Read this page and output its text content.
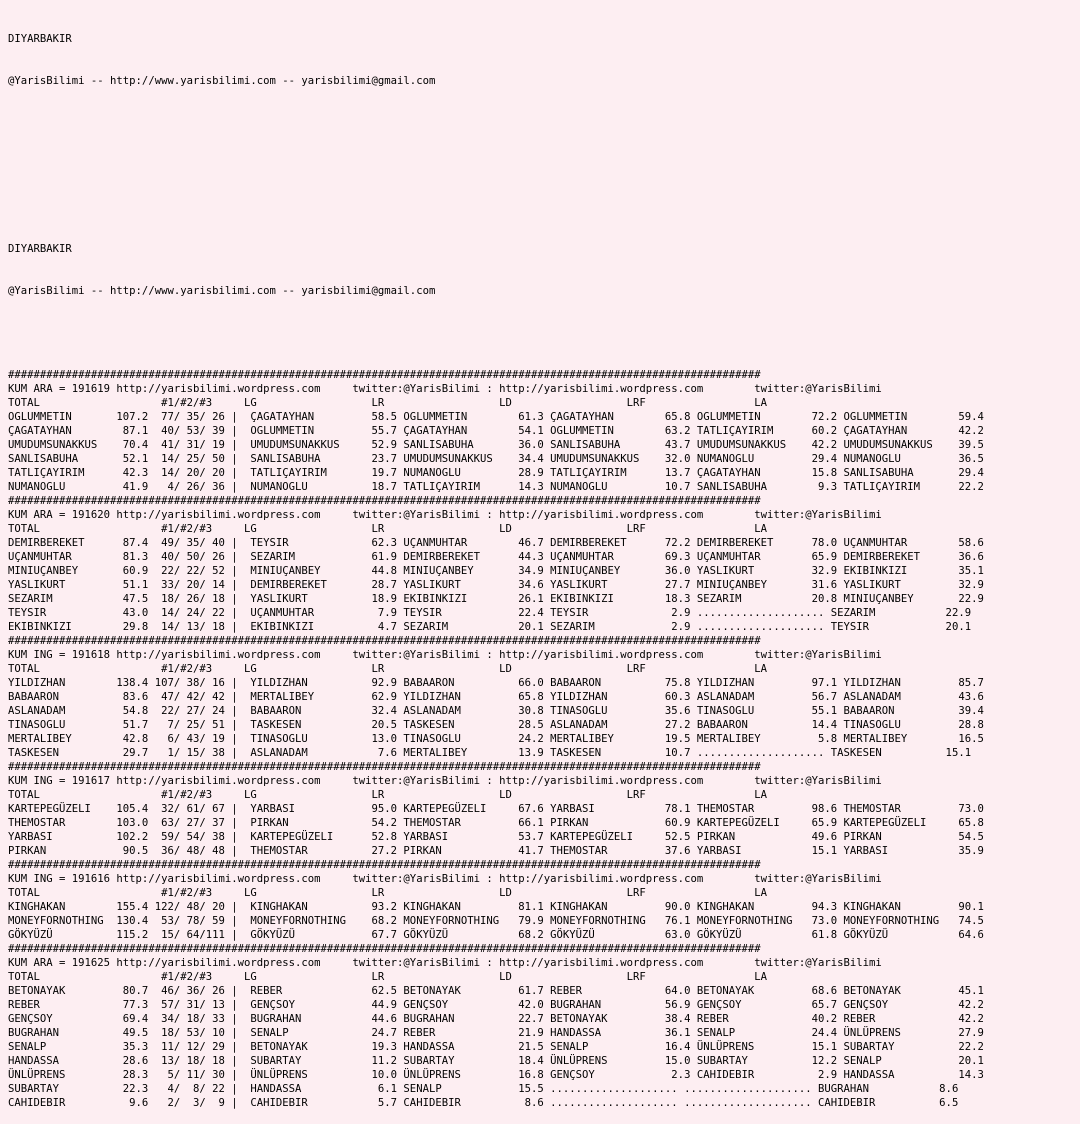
DIYARBAKIR

@YarisBilimi -- http://www.yarisbilimi.com -- yarisbilimi@gmail.com

DIYARBAKIR

@YarisBilimi -- http://www.yarisbilimi.com -- yarisbilimi@gmail.com

######################################################################################################################
KUM ARA = 191619 http://yarisbilimi.wordpress.com     twitter:@YarisBilimi : http://yarisbilimi.wordpress.com        twitter:@YarisBilimi
TOTAL                   #1/#2/#3     LG                  LR                  LD                  LRF                 LA
OGLUMMETIN       107.2  77/ 35/ 26 |  ÇAGATAYHAN         58.5 OGLUMMETIN        61.3 ÇAGATAYHAN        65.8 OGLUMMETIN        72.2 OGLUMMETIN        59.4
ÇAGATAYHAN        87.1  40/ 53/ 39 |  OGLUMMETIN         55.7 ÇAGATAYHAN        54.1 OGLUMMETIN        63.2 TATLIÇAYIRIM      60.2 ÇAGATAYHAN        42.2
UMUDUMSUNAKKUS    70.4  41/ 31/ 19 |  UMUDUMSUNAKKUS     52.9 SANLISABUHA       36.0 SANLISABUHA       43.7 UMUDUMSUNAKKUS    42.2 UMUDUMSUNAKKUS    39.5
SANLISABUHA       52.1  14/ 25/ 50 |  SANLISABUHA        23.7 UMUDUMSUNAKKUS    34.4 UMUDUMSUNAKKUS    32.0 NUMANOGLU         29.4 NUMANOGLU         36.5
TATLIÇAYIRIM      42.3  14/ 20/ 20 |  TATLIÇAYIRIM       19.7 NUMANOGLU         28.9 TATLIÇAYIRIM      13.7 ÇAGATAYHAN        15.8 SANLISABUHA       29.4
NUMANOGLU         41.9   4/ 26/ 36 |  NUMANOGLU          18.7 TATLIÇAYIRIM      14.3 NUMANOGLU         10.7 SANLISABUHA        9.3 TATLIÇAYIRIM      22.2
######################################################################################################################
KUM ARA = 191620 http://yarisbilimi.wordpress.com     twitter:@YarisBilimi : http://yarisbilimi.wordpress.com        twitter:@YarisBilimi
TOTAL                   #1/#2/#3     LG                  LR                  LD                  LRF                 LA
DEMIRBEREKET      87.4  49/ 35/ 40 |  TEYSIR             62.3 UÇANMUHTAR        46.7 DEMIRBEREKET      72.2 DEMIRBEREKET      78.0 UÇANMUHTAR        58.6
UÇANMUHTAR        81.3  40/ 50/ 26 |  SEZARIM            61.9 DEMIRBEREKET      44.3 UÇANMUHTAR        69.3 UÇANMUHTAR        65.9 DEMIRBEREKET      36.6
MINIUÇANBEY       60.9  22/ 22/ 52 |  MINIUÇANBEY        44.8 MINIUÇANBEY       34.9 MINIUÇANBEY       36.0 YASLIKURT         32.9 EKIBINKIZI        35.1
YASLIKURT         51.1  33/ 20/ 14 |  DEMIRBEREKET       28.7 YASLIKURT         34.6 YASLIKURT         27.7 MINIUÇANBEY       31.6 YASLIKURT         32.9
SEZARIM           47.5  18/ 26/ 18 |  YASLIKURT          18.9 EKIBINKIZI        26.1 EKIBINKIZI        18.3 SEZARIM           20.8 MINIUÇANBEY       22.9
TEYSIR            43.0  14/ 24/ 22 |  UÇANMUHTAR          7.9 TEYSIR            22.4 TEYSIR             2.9 .................... SEZARIM           22.9
EKIBINKIZI        29.8  14/ 13/ 18 |  EKIBINKIZI          4.7 SEZARIM           20.1 SEZARIM            2.9 .................... TEYSIR            20.1
######################################################################################################################
KUM ING = 191618 http://yarisbilimi.wordpress.com     twitter:@YarisBilimi : http://yarisbilimi.wordpress.com        twitter:@YarisBilimi
TOTAL                   #1/#2/#3     LG                  LR                  LD                  LRF                 LA
YILDIZHAN        138.4 107/ 38/ 16 |  YILDIZHAN          92.9 BABAARON          66.0 BABAARON          75.8 YILDIZHAN         97.1 YILDIZHAN         85.7
BABAARON          83.6  47/ 42/ 42 |  MERTALIBEY         62.9 YILDIZHAN         65.8 YILDIZHAN         60.3 ASLANADAM         56.7 ASLANADAM         43.6
ASLANADAM         54.8  22/ 27/ 24 |  BABAARON           32.4 ASLANADAM         30.8 TINASOGLU         35.6 TINASOGLU         55.1 BABAARON          39.4
TINASOGLU         51.7   7/ 25/ 51 |  TASKESEN           20.5 TASKESEN          28.5 ASLANADAM         27.2 BABAARON          14.4 TINASOGLU         28.8
MERTALIBEY        42.8   6/ 43/ 19 |  TINASOGLU          13.0 TINASOGLU         24.2 MERTALIBEY        19.5 MERTALIBEY         5.8 MERTALIBEY        16.5
TASKESEN          29.7   1/ 15/ 38 |  ASLANADAM           7.6 MERTALIBEY        13.9 TASKESEN          10.7 .................... TASKESEN          15.1
######################################################################################################################
KUM ING = 191617 http://yarisbilimi.wordpress.com     twitter:@YarisBilimi : http://yarisbilimi.wordpress.com        twitter:@YarisBilimi
TOTAL                   #1/#2/#3     LG                  LR                  LD                  LRF                 LA
KARTEPEGÜZELI    105.4  32/ 61/ 67 |  YARBASI            95.0 KARTEPEGÜZELI     67.6 YARBASI           78.1 THEMOSTAR         98.6 THEMOSTAR         73.0
THEMOSTAR        103.0  63/ 27/ 37 |  PIRKAN             54.2 THEMOSTAR         66.1 PIRKAN            60.9 KARTEPEGÜZELI     65.9 KARTEPEGÜZELI     65.8
YARBASI          102.2  59/ 54/ 38 |  KARTEPEGÜZELI      52.8 YARBASI           53.7 KARTEPEGÜZELI     52.5 PIRKAN            49.6 PIRKAN            54.5
PIRKAN            90.5  36/ 48/ 48 |  THEMOSTAR          27.2 PIRKAN            41.7 THEMOSTAR         37.6 YARBASI           15.1 YARBASI           35.9
######################################################################################################################
KUM ING = 191616 http://yarisbilimi.wordpress.com     twitter:@YarisBilimi : http://yarisbilimi.wordpress.com        twitter:@YarisBilimi
TOTAL                   #1/#2/#3     LG                  LR                  LD                  LRF                 LA
KINGHAKAN        155.4 122/ 48/ 20 |  KINGHAKAN          93.2 KINGHAKAN         81.1 KINGHAKAN         90.0 KINGHAKAN         94.3 KINGHAKAN         90.1
MONEYFORNOTHING  130.4  53/ 78/ 59 |  MONEYFORNOTHING    68.2 MONEYFORNOTHING   79.9 MONEYFORNOTHING   76.1 MONEYFORNOTHING   73.0 MONEYFORNOTHING   74.5
GÖKYÜZÜ          115.2  15/ 64/111 |  GÖKYÜZÜ            67.7 GÖKYÜZÜ           68.2 GÖKYÜZÜ           63.0 GÖKYÜZÜ           61.8 GÖKYÜZÜ           64.6
######################################################################################################################
KUM ARA = 191625 http://yarisbilimi.wordpress.com     twitter:@YarisBilimi : http://yarisbilimi.wordpress.com        twitter:@YarisBilimi
TOTAL                   #1/#2/#3     LG                  LR                  LD                  LRF                 LA
BETONAYAK         80.7  46/ 36/ 26 |  REBER              62.5 BETONAYAK         61.7 REBER             64.0 BETONAYAK         68.6 BETONAYAK         45.1
REBER             77.3  57/ 31/ 13 |  GENÇSOY            44.9 GENÇSOY           42.0 BUGRAHAN          56.9 GENÇSOY           65.7 GENÇSOY           42.2
GENÇSOY           69.4  34/ 18/ 33 |  BUGRAHAN           44.6 BUGRAHAN          22.7 BETONAYAK         38.4 REBER             40.2 REBER             42.2
BUGRAHAN          49.5  18/ 53/ 10 |  SENALP             24.7 REBER             21.9 HANDASSA          36.1 SENALP            24.4 ÜNLÜPRENS         27.9
SENALP            35.3  11/ 12/ 29 |  BETONAYAK          19.3 HANDASSA          21.5 SENALP            16.4 ÜNLÜPRENS         15.1 SUBARTAY          22.2
HANDASSA          28.6  13/ 18/ 18 |  SUBARTAY           11.2 SUBARTAY          18.4 ÜNLÜPRENS         15.0 SUBARTAY          12.2 SENALP            20.1
ÜNLÜPRENS         28.3   5/ 11/ 30 |  ÜNLÜPRENS          10.0 ÜNLÜPRENS         16.8 GENÇSOY            2.3 CAHIDEBIR          2.9 HANDASSA          14.3
SUBARTAY          22.3   4/  8/ 22 |  HANDASSA            6.1 SENALP            15.5 .................... .................... BUGRAHAN           8.6
CAHIDEBIR          9.6   2/  3/  9 |  CAHIDEBIR           5.7 CAHIDEBIR          8.6 .................... .................... CAHIDEBIR          6.5
